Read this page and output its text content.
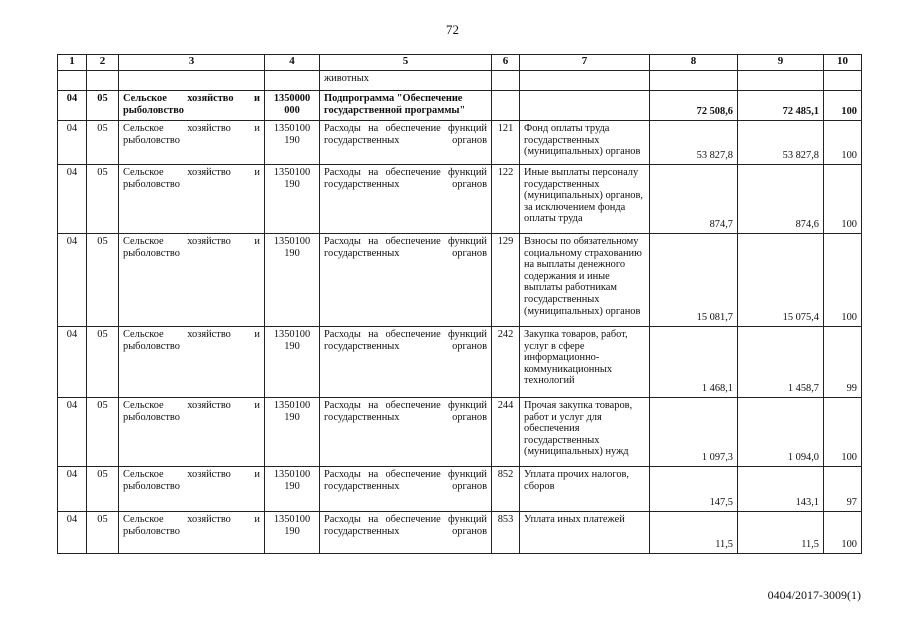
72
1	2	3	4	5	6	7	8	9	10
				животных					
04	05	Сельское хозяйство и рыболовство	1350000 000	Подпрограмма "Обеспечение государственной программы"			72 508,6	72 485,1	100
04	05	Сельское хозяйство и рыболовство	1350100 190	Расходы на обеспечение функций государственных органов	121	Фонд оплаты труда государственных (муниципальных) органов	53 827,8	53 827,8	100
04	05	Сельское хозяйство и рыболовство	1350100 190	Расходы на обеспечение функций государственных органов	122	Иные выплаты персоналу государственных (муниципальных) органов, за исключением фонда оплаты труда	874,7	874,6	100
04	05	Сельское хозяйство и рыболовство	1350100 190	Расходы на обеспечение функций государственных органов	129	Взносы по обязательному социальному страхованию на выплаты денежного содержания и иные выплаты работникам государственных (муниципальных) органов	15 081,7	15 075,4	100
04	05	Сельское хозяйство и рыболовство	1350100 190	Расходы на обеспечение функций государственных органов	242	Закупка товаров, работ, услуг в сфере информационно-коммуникационных технологий	1 468,1	1 458,7	99
04	05	Сельское хозяйство и рыболовство	1350100 190	Расходы на обеспечение функций государственных органов	244	Прочая закупка товаров, работ и услуг для обеспечения государственных (муниципальных) нужд	1 097,3	1 094,0	100
04	05	Сельское хозяйство и рыболовство	1350100 190	Расходы на обеспечение функций государственных органов	852	Уплата прочих налогов, сборов	147,5	143,1	97
04	05	Сельское хозяйство и рыболовство	1350100 190	Расходы на обеспечение функций государственных органов	853	Уплата иных платежей	11,5	11,5	100
0404/2017-3009(1)
